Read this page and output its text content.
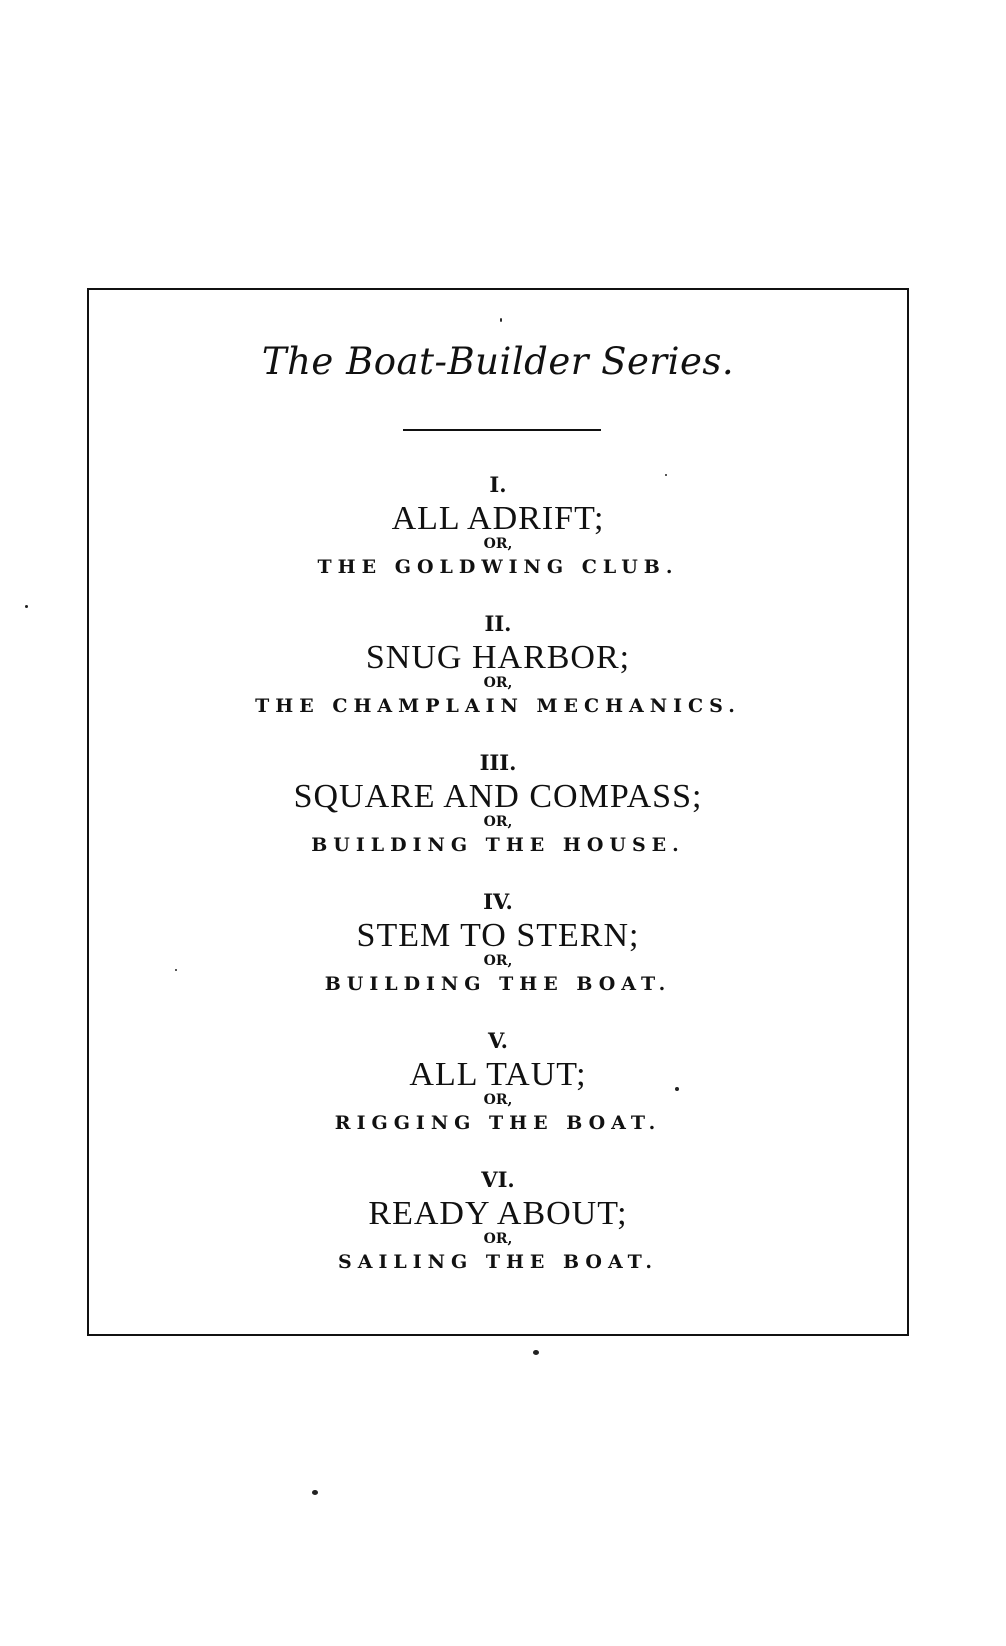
The Boat-Builder Series.
I.
ALL ADRIFT;
OR,
THE GOLDWING CLUB.
II.
SNUG HARBOR;
OR,
THE CHAMPLAIN MECHANICS.
III.
SQUARE AND COMPASS;
OR,
BUILDING THE HOUSE.
IV.
STEM TO STERN;
OR,
BUILDING THE BOAT.
V.
ALL TAUT;
OR,
RIGGING THE BOAT.
VI.
READY ABOUT;
OR,
SAILING THE BOAT.
